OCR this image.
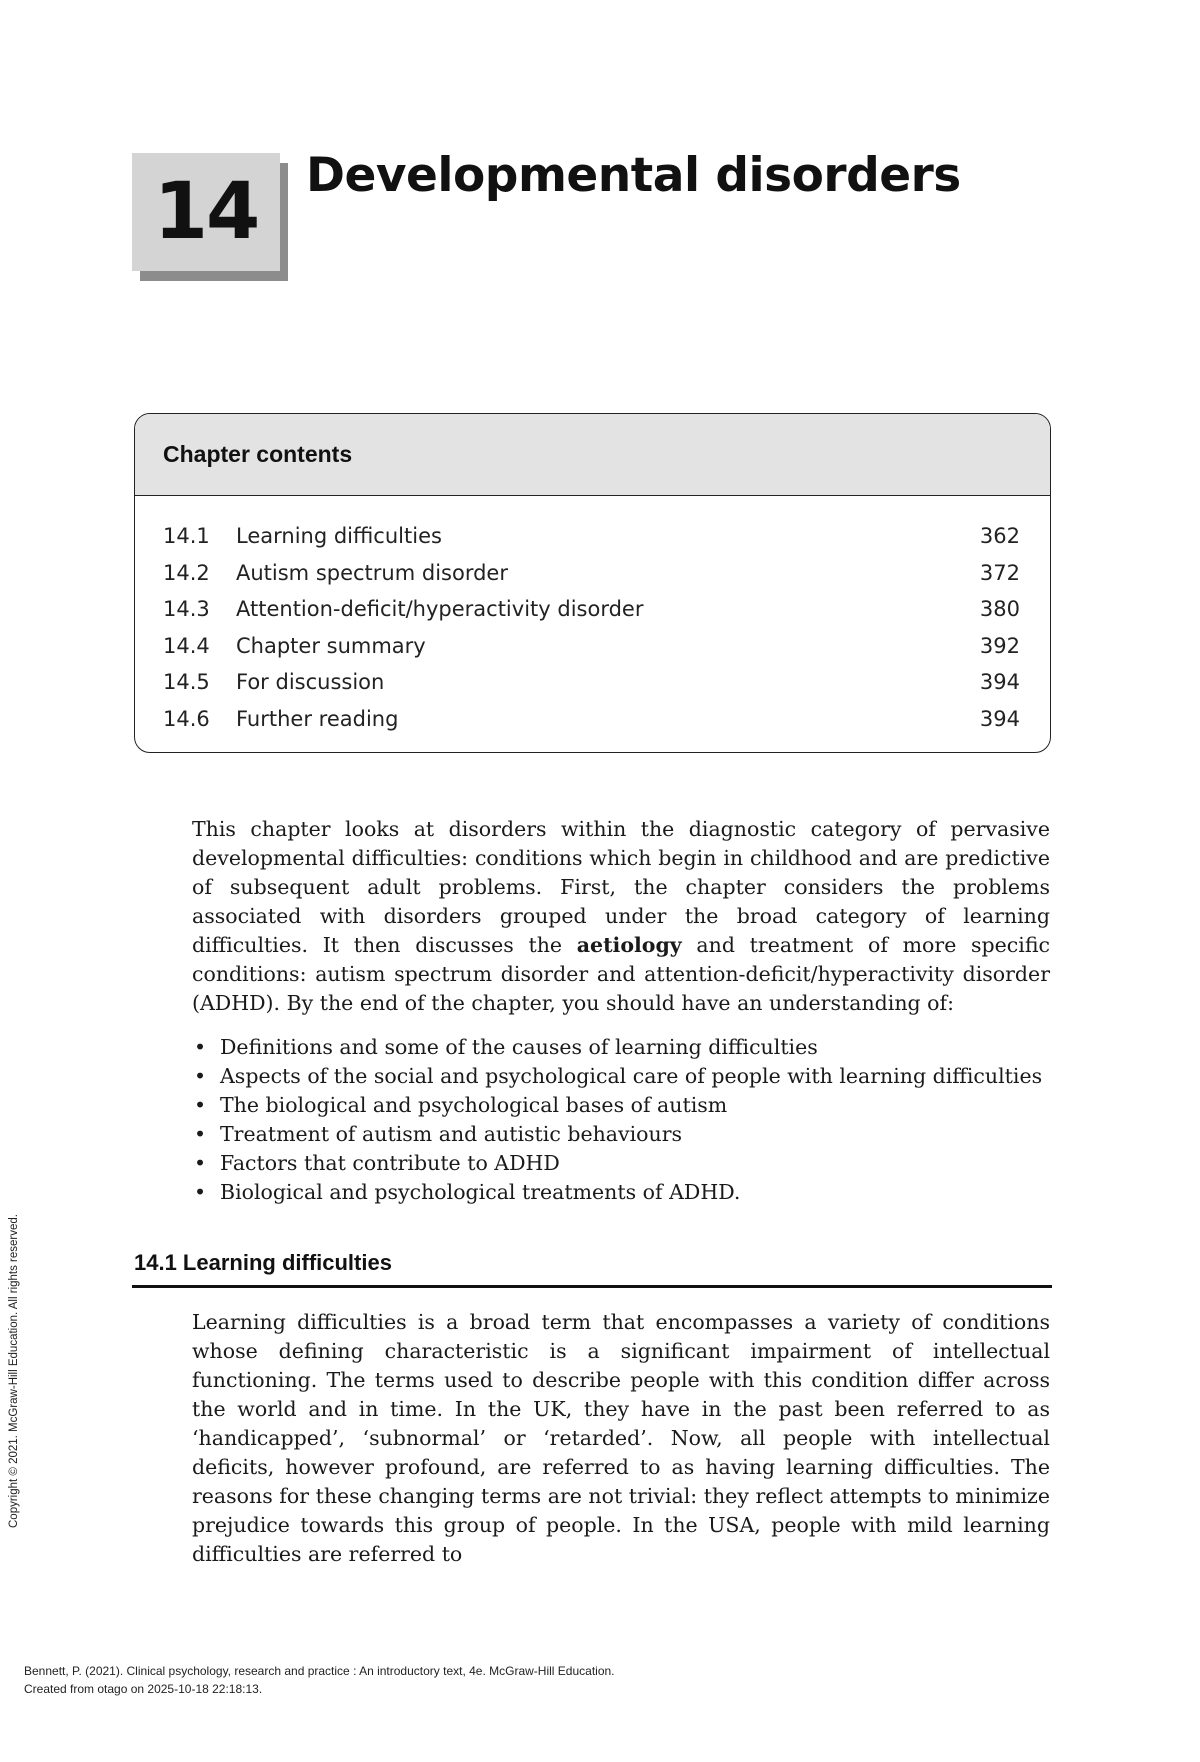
14	Developmental disorders
Chapter contents
14.1	Learning difficulties	362
14.2	Autism spectrum disorder	372
14.3	Attention-deficit/hyperactivity disorder	380
14.4	Chapter summary	392
14.5	For discussion	394
14.6	Further reading	394

This chapter looks at disorders within the diagnostic category of pervasive developmental difficulties: conditions which begin in childhood and are predictive of subsequent adult problems. First, the chapter considers the problems associated with disorders grouped under the broad category of learning difficulties. It then discusses the aetiology and treatment of more specific conditions: autism spectrum disorder and attention-deficit/hyperactivity disorder (ADHD). By the end of the chapter, you should have an understanding of:

• Definitions and some of the causes of learning difficulties
• Aspects of the social and psychological care of people with learning difficulties
• The biological and psychological bases of autism
• Treatment of autism and autistic behaviours
• Factors that contribute to ADHD
• Biological and psychological treatments of ADHD.
14.1 Learning difficulties

Learning difficulties is a broad term that encompasses a variety of conditions whose defining characteristic is a significant impairment of intellectual functioning. The terms used to describe people with this condition differ across the world and in time. In the UK, they have in the past been referred to as ‘handicapped’, ‘subnormal’ or ‘retarded’. Now, all people with intellectual deficits, however profound, are referred to as having learning difficulties. The reasons for these changing terms are not trivial: they reflect attempts to minimize prejudice towards this group of people. In the USA, people with mild learning difficulties are referred to

Copyright © 2021. McGraw-Hill Education. All rights reserved.
Bennett, P. (2021). Clinical psychology, research and practice : An introductory text, 4e. McGraw-Hill Education.
Created from otago on 2025-10-18 22:18:13.
